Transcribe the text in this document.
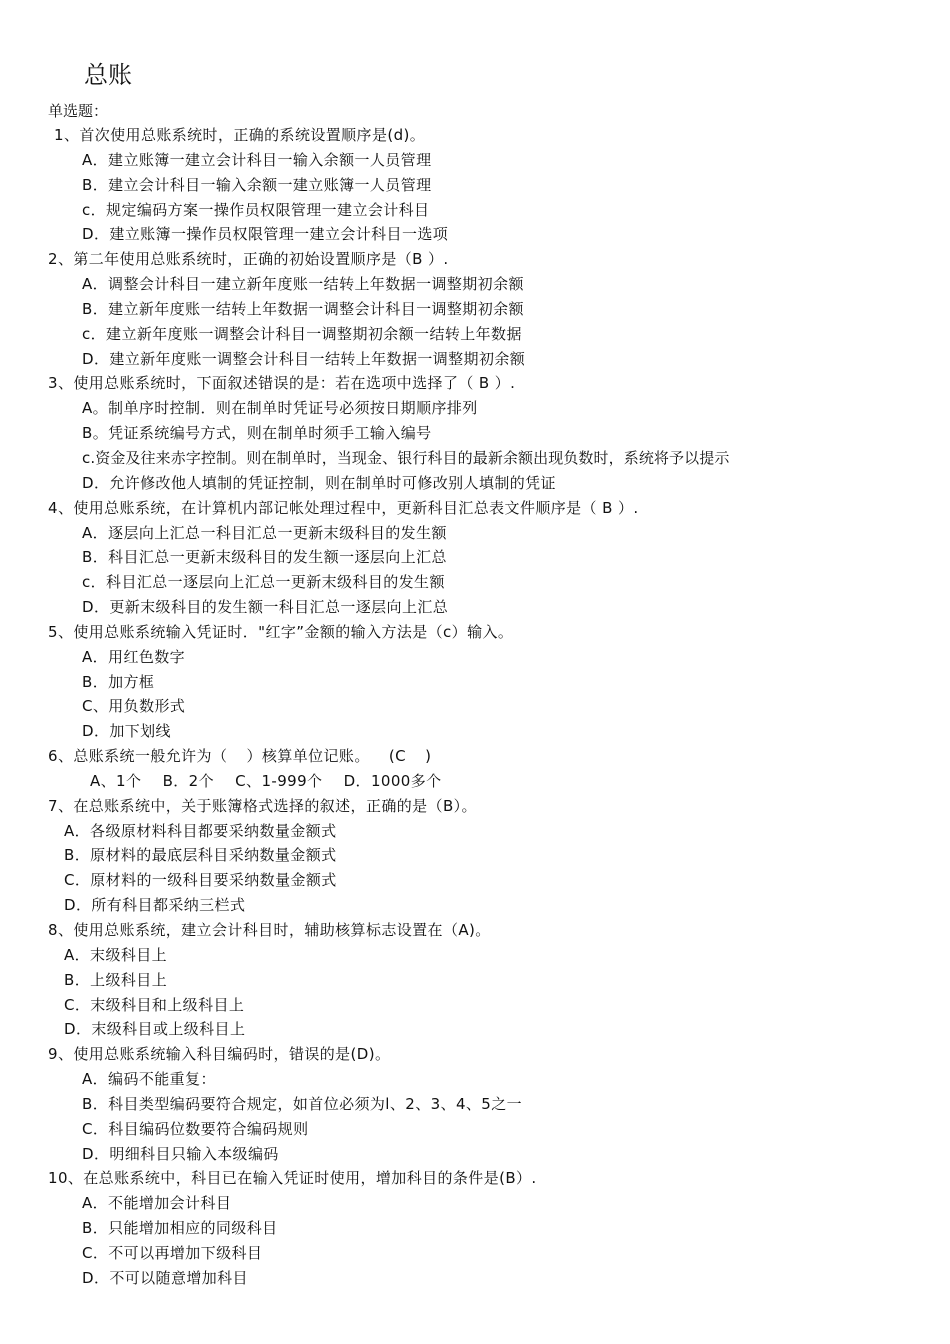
总账
单选题：
1、首次使用总账系统时，正确的系统设置顺序是(d)。
A．建立账簿一建立会计科目一输入余额一人员管理
B．建立会计科目一输入余额一建立账簿一人员管理
c．规定编码方案一操作员权限管理一建立会计科目
D．建立账簿一操作员权限管理一建立会计科目一选项
2、第二年使用总账系统时，正确的初始设置顺序是（B ）.
A．调整会计科目一建立新年度账一结转上年数据一调整期初余额
B．建立新年度账一结转上年数据一调整会计科目一调整期初余额
c．建立新年度账一调整会计科目一调整期初余额一结转上年数据
D．建立新年度账一调整会计科目一结转上年数据一调整期初余额
3、使用总账系统时，下面叙述错误的是：若在选项中选择了（ B ）.
A。制单序时控制．则在制单时凭证号必须按日期顺序排列
B。凭证系统编号方式，则在制单时须手工输入编号
c.资金及往来赤字控制。则在制单时，当现金、银行科目的最新余额出现负数时，系统将予以提示
D．允许修改他人填制的凭证控制，则在制单时可修改别人填制的凭证
4、使用总账系统，在计算机内部记帐处理过程中，更新科目汇总表文件顺序是（ B ）.
A．逐层向上汇总一科目汇总一更新末级科目的发生额
B．科目汇总一更新末级科目的发生额一逐层向上汇总
c．科目汇总一逐层向上汇总一更新末级科目的发生额
D．更新末级科目的发生额一科目汇总一逐层向上汇总
5、使用总账系统输入凭证时．"红字”金额的输入方法是（c）输入。
A．用红色数字
B．加方框
C、用负数形式
D．加下划线
6、总账系统一般允许为（ ）核算单位记账。 (C )
A、1个 B．2个 C、1-999个 D．1000多个
7、在总账系统中，关于账簿格式选择的叙述，正确的是（B）。
A．各级原材料科目都要采纳数量金额式
B．原材料的最底层科目采纳数量金额式
C．原材料的一级科目要采纳数量金额式
D．所有科目都采纳三栏式
8、使用总账系统，建立会计科目时，辅助核算标志设置在（A)。
A．末级科目上
B．上级科目上
C．末级科目和上级科目上
D．末级科目或上级科目上
9、使用总账系统输入科目编码时，错误的是(D)。
A．编码不能重复：
B．科目类型编码要符合规定，如首位必须为l、2、3、4、5之一
C．科目编码位数要符合编码规则
D．明细科目只输入本级编码
10、在总账系统中，科目已在输入凭证时使用，增加科目的条件是(B）.
A．不能增加会计科目
B．只能增加相应的同级科目
C．不可以再增加下级科目
D．不可以随意增加科目
